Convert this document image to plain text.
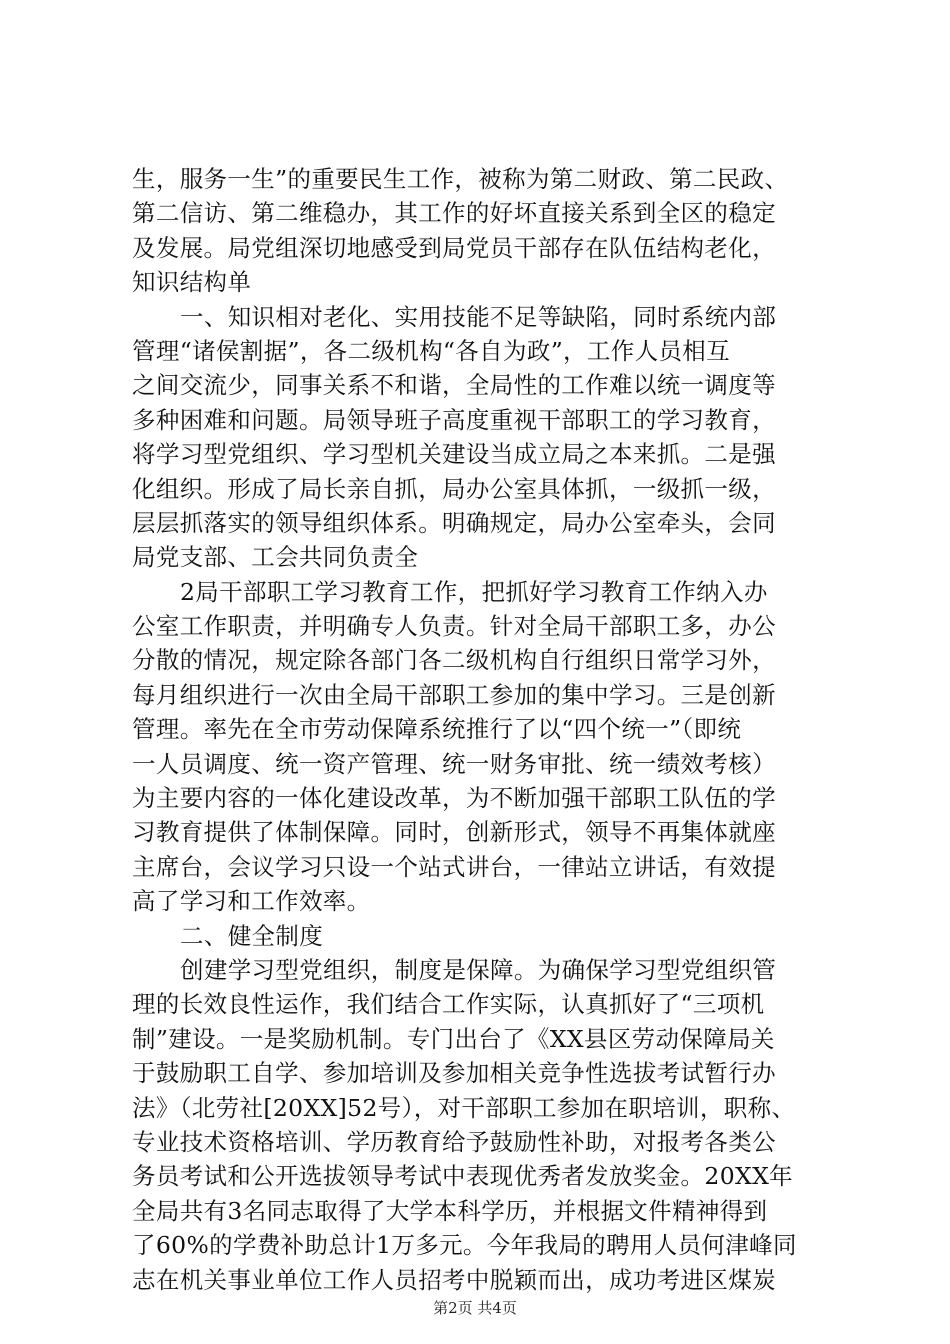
生，服务一生”的重要民生工作，被称为第二财政、第二民政、
第二信访、第二维稳办，其工作的好坏直接关系到全区的稳定
及发展。局党组深切地感受到局党员干部存在队伍结构老化，
知识结构单
一、知识相对老化、实用技能不足等缺陷，同时系统内部
管理“诸侯割据”，各二级机构“各自为政”，工作人员相互
之间交流少，同事关系不和谐，全局性的工作难以统一调度等
多种困难和问题。局领导班子高度重视干部职工的学习教育，
将学习型党组织、学习型机关建设当成立局之本来抓。二是强
化组织。形成了局长亲自抓，局办公室具体抓，一级抓一级，
层层抓落实的领导组织体系。明确规定，局办公室牵头，会同
局党支部、工会共同负责全
2局干部职工学习教育工作，把抓好学习教育工作纳入办
公室工作职责，并明确专人负责。针对全局干部职工多，办公
分散的情况，规定除各部门各二级机构自行组织日常学习外，
每月组织进行一次由全局干部职工参加的集中学习。三是创新
管理。率先在全市劳动保障系统推行了以“四个统一”（即统
一人员调度、统一资产管理、统一财务审批、统一绩效考核）
为主要内容的一体化建设改革，为不断加强干部职工队伍的学
习教育提供了体制保障。同时，创新形式，领导不再集体就座
主席台，会议学习只设一个站式讲台，一律站立讲话，有效提
高了学习和工作效率。
二、健全制度
创建学习型党组织，制度是保障。为确保学习型党组织管
理的长效良性运作，我们结合工作实际，认真抓好了“三项机
制”建设。一是奖励机制。专门出台了《XX县区劳动保障局关
于鼓励职工自学、参加培训及参加相关竞争性选拔考试暂行办
法》（北劳社[20XX]52号），对干部职工参加在职培训，职称、
专业技术资格培训、学历教育给予鼓励性补助，对报考各类公
务员考试和公开选拔领导考试中表现优秀者发放奖金。20XX年
全局共有3名同志取得了大学本科学历，并根据文件精神得到
了60%的学费补助总计1万多元。今年我局的聘用人员何津峰同
志在机关事业单位工作人员招考中脱颖而出，成功考进区煤炭
第2页 共4页
